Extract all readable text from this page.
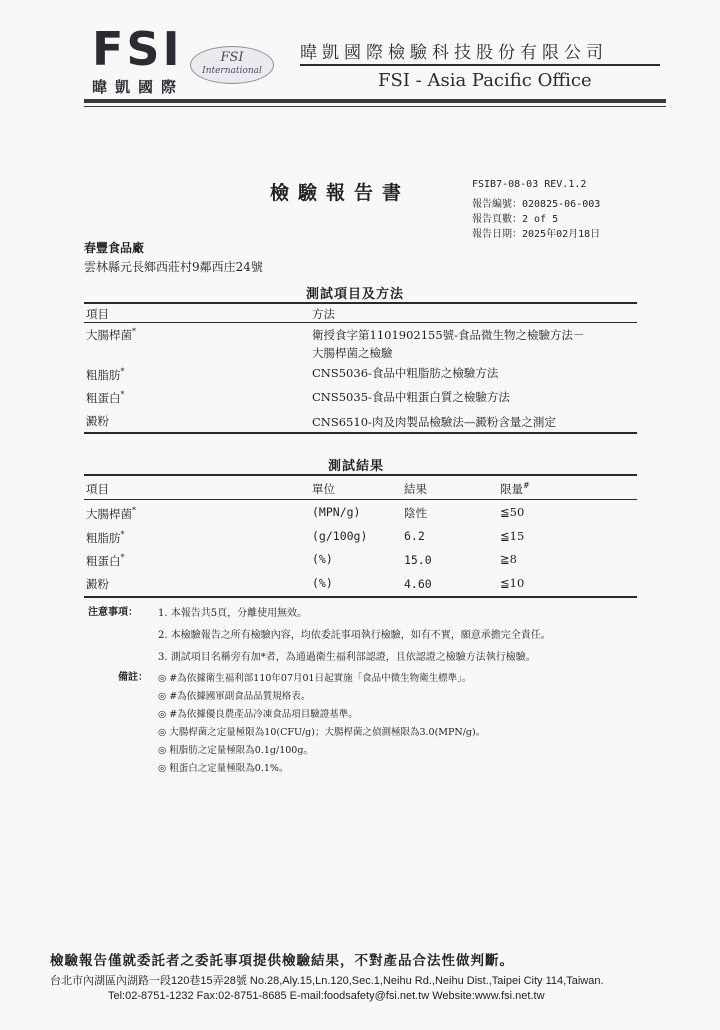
FSI
暐凱國際
FSI
International
暐凱國際檢驗科技股份有限公司
FSI - Asia Pacific Office
檢驗報告書	FSIB7-08-03 REV.1.2
報告編號：020825-06-003
報告頁數：2 of 5
報告日期：2025年02月18日
春豐食品廠
雲林縣元長鄉西莊村9鄰西庄24號
測試項目及方法
項目	方法
大腸桿菌*	衛授食字第1101902155號-食品微生物之檢驗方法－
大腸桿菌之檢驗
粗脂肪*	CNS5036-食品中粗脂肪之檢驗方法
粗蛋白*	CNS5035-食品中粗蛋白質之檢驗方法
澱粉	CNS6510-肉及肉製品檢驗法—澱粉含量之測定
測試結果
項目	單位	結果	限量#
大腸桿菌*	(MPN/g)	陰性	≦50
粗脂肪*	(g/100g)	6.2	≦15
粗蛋白*	(%)	15.0	≧8
澱粉	(%)	4.60	≦10
注意事項： 1. 本報告共5頁，分離使用無效。
2. 本檢驗報告之所有檢驗內容，均依委託事項執行檢驗，如有不實，願意承擔完全責任。
3. 測試項目名稱旁有加*者，為通過衛生福利部認證，且依認證之檢驗方法執行檢驗。
備註： ◎ #為依據衛生福利部110年07月01日起實施「食品中微生物衛生標準」。
◎ #為依據國軍副食品品質規格表。
◎ #為依據優良農產品冷凍食品項目驗證基準。
◎ 大腸桿菌之定量極限為10(CFU/g)；大腸桿菌之偵測極限為3.0(MPN/g)。
◎ 粗脂肪之定量極限為0.1g/100g。
◎ 粗蛋白之定量極限為0.1%。
檢驗報告僅就委託者之委託事項提供檢驗結果，不對產品合法性做判斷。
台北市內湖區內湖路一段120巷15弄28號 No.28,Aly.15,Ln.120,Sec.1,Neihu Rd.,Neihu Dist.,Taipei City 114,Taiwan.
Tel:02-8751-1232 Fax:02-8751-8685 E-mail:foodsafety@fsi.net.tw Website:www.fsi.net.tw
